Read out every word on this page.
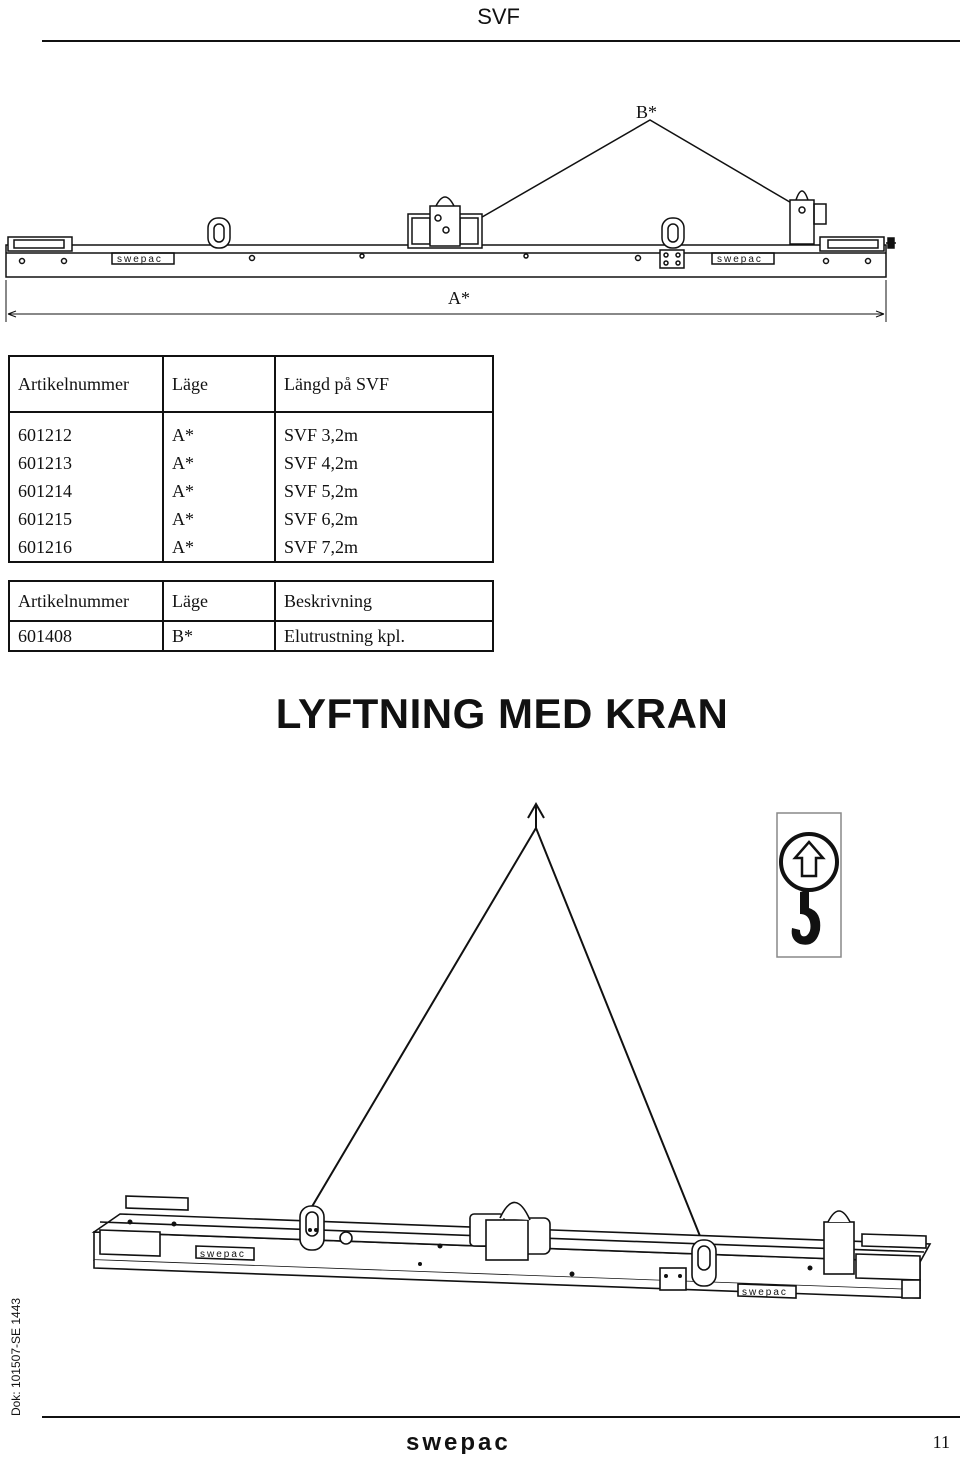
SVF
B*
A*
swepac	swepac
Artikelnummer	Läge	Längd på SVF
601212	A*	SVF 3,2m
601213	A*	SVF 4,2m
601214	A*	SVF 5,2m
601215	A*	SVF 6,2m
601216	A*	SVF 7,2m
Artikelnummer	Läge	Beskrivning
601408	B*	Elutrustning kpl.
LYFTNING MED KRAN
swepac
swepac
Dok: 101507-SE 1443
swepac	11
